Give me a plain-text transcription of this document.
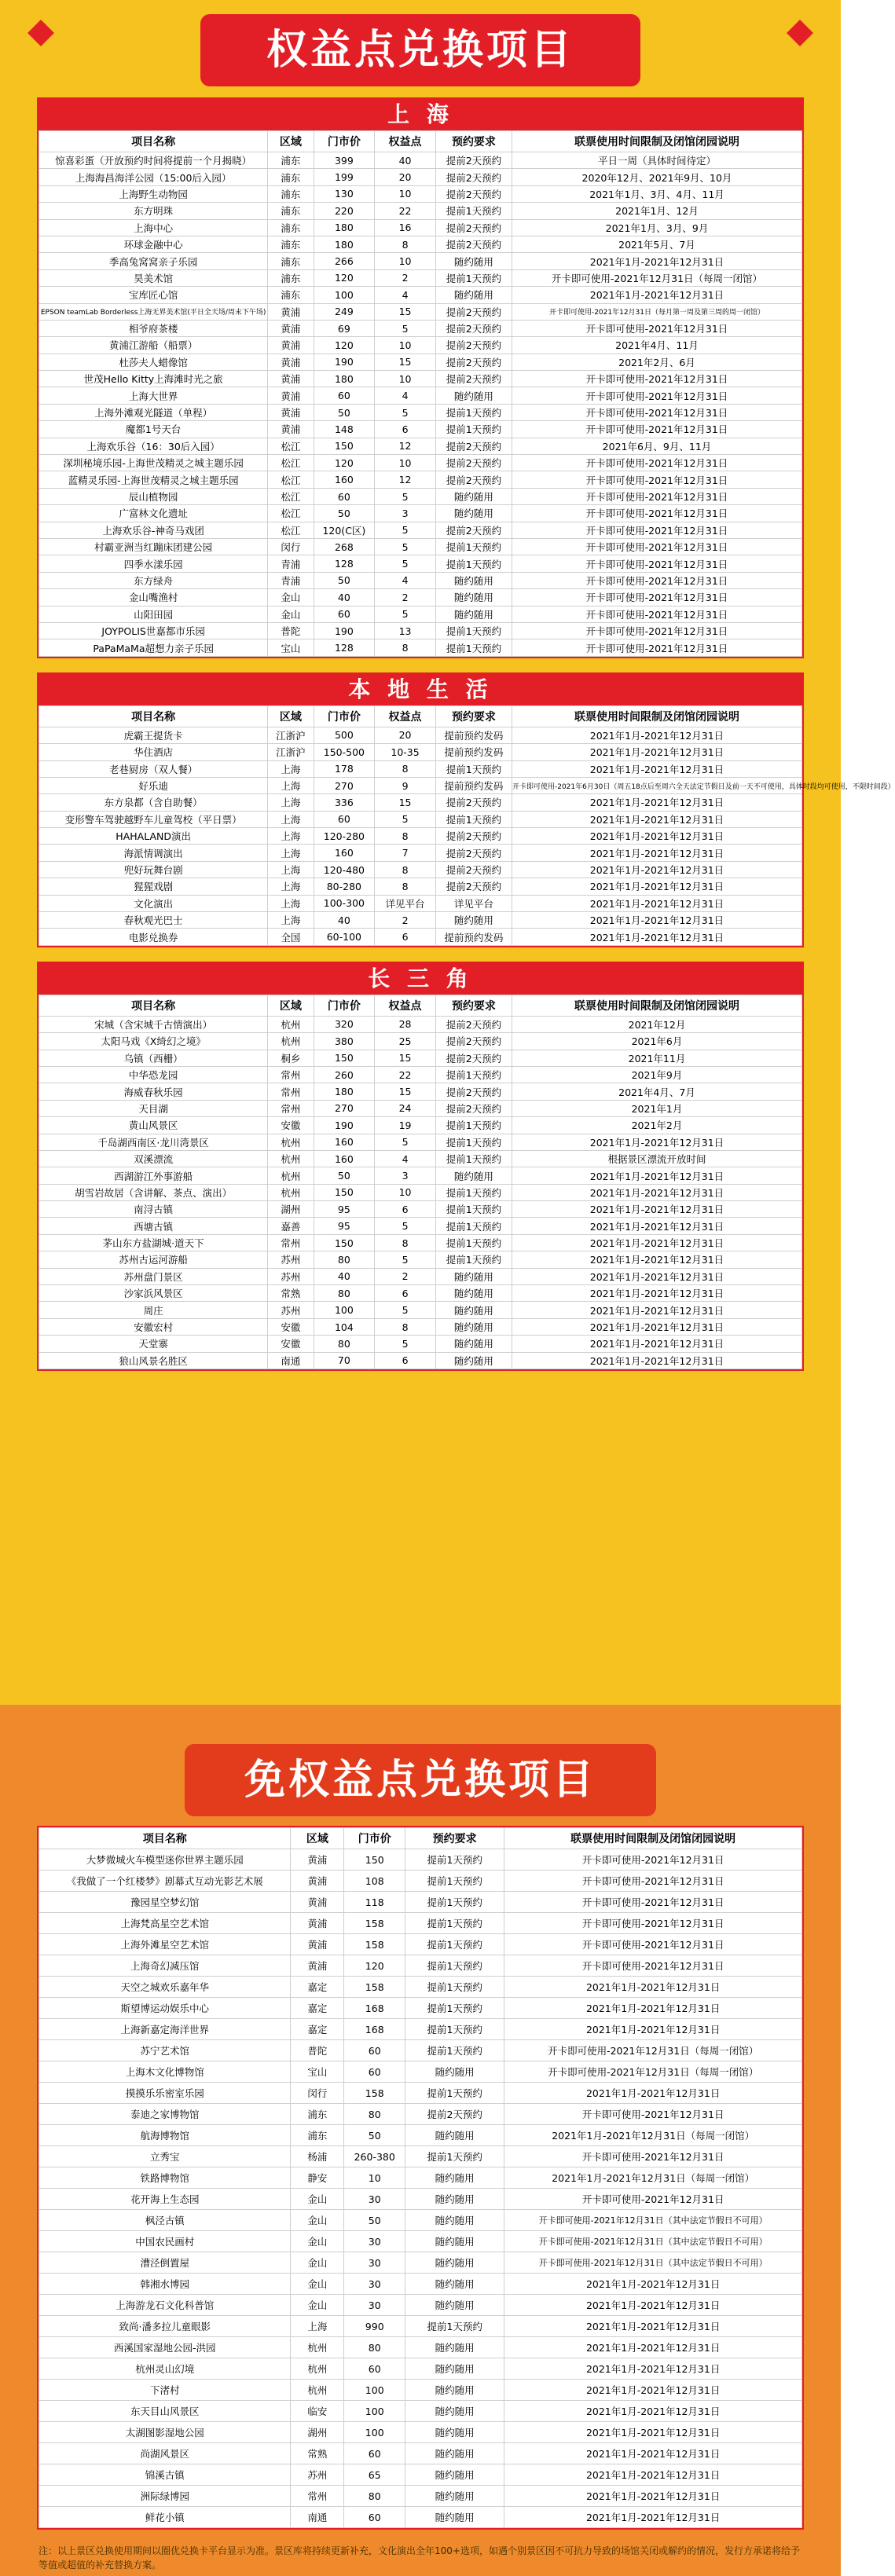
权益点兑换项目
上 海
项目名称	区域	门市价	权益点	预约要求	联票使用时间限制及闭馆闭园说明
惊喜彩蛋（开放预约时间将提前一个月揭晓）	浦东	399	40	提前2天预约	平日一周（具体时间待定）
上海海昌海洋公园（15:00后入园）	浦东	199	20	提前2天预约	2020年12月、2021年9月、10月
上海野生动物园	浦东	130	10	提前2天预约	2021年1月、3月、4月、11月
东方明珠	浦东	220	22	提前1天预约	2021年1月、12月
上海中心	浦东	180	16	提前2天预约	2021年1月、3月、9月
环球金融中心	浦东	180	8	提前2天预约	2021年5月、7月
季高兔窝窝亲子乐园	浦东	266	10	随约随用	2021年1月-2021年12月31日
昊美术馆	浦东	120	2	提前1天预约	开卡即可使用-2021年12月31日（每周一闭馆）
宝库匠心馆	浦东	100	4	随约随用	2021年1月-2021年12月31日
EPSON teamLab Borderless上海无界美术馆(平日全天场/周末下午场)	黄浦	249	15	提前2天预约	开卡即可使用-2021年12月31日（每月第一周及第三周的周一闭馆）
相爷府茶楼	黄浦	69	5	提前2天预约	开卡即可使用-2021年12月31日
黄浦江游船（船票）	黄浦	120	10	提前2天预约	2021年4月、11月
杜莎夫人蜡像馆	黄浦	190	15	提前2天预约	2021年2月、6月
世茂Hello Kitty上海滩时光之旅	黄浦	180	10	提前2天预约	开卡即可使用-2021年12月31日
上海大世界	黄浦	60	4	随约随用	开卡即可使用-2021年12月31日
上海外滩观光隧道（单程）	黄浦	50	5	提前1天预约	开卡即可使用-2021年12月31日
魔都1号天台	黄浦	148	6	提前1天预约	开卡即可使用-2021年12月31日
上海欢乐谷（16：30后入园）	松江	150	12	提前2天预约	2021年6月、9月、11月
深圳秘境乐园-上海世茂精灵之城主题乐园	松江	120	10	提前2天预约	开卡即可使用-2021年12月31日
蓝精灵乐园-上海世茂精灵之城主题乐园	松江	160	12	提前2天预约	开卡即可使用-2021年12月31日
辰山植物园	松江	60	5	随约随用	开卡即可使用-2021年12月31日
广富林文化遗址	松江	50	3	随约随用	开卡即可使用-2021年12月31日
上海欢乐谷-神奇马戏团	松江	120(C区)	5	提前2天预约	开卡即可使用-2021年12月31日
村霸亚洲当红蹦床团建公园	闵行	268	5	提前1天预约	开卡即可使用-2021年12月31日
四季水漾乐园	青浦	128	5	提前1天预约	开卡即可使用-2021年12月31日
东方绿舟	青浦	50	4	随约随用	开卡即可使用-2021年12月31日
金山嘴渔村	金山	40	2	随约随用	开卡即可使用-2021年12月31日
山阳田园	金山	60	5	随约随用	开卡即可使用-2021年12月31日
JOYPOLIS世嘉都市乐园	普陀	190	13	提前1天预约	开卡即可使用-2021年12月31日
PaPaMaMa超想力亲子乐园	宝山	128	8	提前1天预约	开卡即可使用-2021年12月31日
本 地 生 活
项目名称	区域	门市价	权益点	预约要求	联票使用时间限制及闭馆闭园说明
虎霸王提货卡	江浙沪	500	20	提前预约发码	2021年1月-2021年12月31日
华住酒店	江浙沪	150-500	10-35	提前预约发码	2021年1月-2021年12月31日
老巷厨房（双人餐）	上海	178	8	提前1天预约	2021年1月-2021年12月31日
好乐迪	上海	270	9	提前预约发码	开卡即可使用-2021年6月30日（周五18点后至周六全天法定节假日及前一天不可使用，具体时段均可使用，不限时间段）
东方泉都（含自助餐）	上海	336	15	提前2天预约	2021年1月-2021年12月31日
变形警车驾驶越野车儿童驾校（平日票）	上海	60	5	提前1天预约	2021年1月-2021年12月31日
HAHALAND演出	上海	120-280	8	提前2天预约	2021年1月-2021年12月31日
海派情调演出	上海	160	7	提前2天预约	2021年1月-2021年12月31日
兜好玩舞台剧	上海	120-480	8	提前2天预约	2021年1月-2021年12月31日
猩猩戏剧	上海	80-280	8	提前2天预约	2021年1月-2021年12月31日
文化演出	上海	100-300	详见平台	详见平台	2021年1月-2021年12月31日
春秋观光巴士	上海	40	2	随约随用	2021年1月-2021年12月31日
电影兑换券	全国	60-100	6	提前预约发码	2021年1月-2021年12月31日
长 三 角
项目名称	区域	门市价	权益点	预约要求	联票使用时间限制及闭馆闭园说明
宋城（含宋城千古情演出）	杭州	320	28	提前2天预约	2021年12月
太阳马戏《X绮幻之境》	杭州	380	25	提前2天预约	2021年6月
乌镇（西栅）	桐乡	150	15	提前2天预约	2021年11月
中华恐龙园	常州	260	22	提前1天预约	2021年9月
海威春秋乐园	常州	180	15	提前2天预约	2021年4月、7月
天目湖	常州	270	24	提前2天预约	2021年1月
黄山风景区	安徽	190	19	提前1天预约	2021年2月
千岛湖西南区·龙川湾景区	杭州	160	5	提前1天预约	2021年1月-2021年12月31日
双溪漂流	杭州	160	4	提前1天预约	根据景区漂流开放时间
西湖游江外事游船	杭州	50	3	随约随用	2021年1月-2021年12月31日
胡雪岩故居（含讲解、茶点、演出）	杭州	150	10	提前1天预约	2021年1月-2021年12月31日
南浔古镇	湖州	95	6	提前1天预约	2021年1月-2021年12月31日
西塘古镇	嘉善	95	5	提前1天预约	2021年1月-2021年12月31日
茅山东方盐湖城·道天下	常州	150	8	提前1天预约	2021年1月-2021年12月31日
苏州古运河游船	苏州	80	5	提前1天预约	2021年1月-2021年12月31日
苏州盘门景区	苏州	40	2	随约随用	2021年1月-2021年12月31日
沙家浜风景区	常熟	80	6	随约随用	2021年1月-2021年12月31日
周庄	苏州	100	5	随约随用	2021年1月-2021年12月31日
安徽宏村	安徽	104	8	随约随用	2021年1月-2021年12月31日
天堂寨	安徽	80	5	随约随用	2021年1月-2021年12月31日
狼山风景名胜区	南通	70	6	随约随用	2021年1月-2021年12月31日
免权益点兑换项目
项目名称	区域	门市价	预约要求	联票使用时间限制及闭馆闭园说明
大梦微城火车模型迷你世界主题乐园	黄浦	150	提前1天预约	开卡即可使用-2021年12月31日
《我做了一个红楼梦》剧幕式互动光影艺术展	黄浦	108	提前1天预约	开卡即可使用-2021年12月31日
豫园星空梦幻馆	黄浦	118	提前1天预约	开卡即可使用-2021年12月31日
上海梵高星空艺术馆	黄浦	158	提前1天预约	开卡即可使用-2021年12月31日
上海外滩星空艺术馆	黄浦	158	提前1天预约	开卡即可使用-2021年12月31日
上海奇幻减压馆	黄浦	120	提前1天预约	开卡即可使用-2021年12月31日
天空之城欢乐嘉年华	嘉定	158	提前1天预约	2021年1月-2021年12月31日
斯望博运动娱乐中心	嘉定	168	提前1天预约	2021年1月-2021年12月31日
上海新嘉定海洋世界	嘉定	168	提前1天预约	2021年1月-2021年12月31日
苏宁艺术馆	普陀	60	提前1天预约	开卡即可使用-2021年12月31日（每周一闭馆）
上海木文化博物馆	宝山	60	随约随用	开卡即可使用-2021年12月31日（每周一闭馆）
摸摸乐乐密室乐园	闵行	158	提前1天预约	2021年1月-2021年12月31日
泰迪之家博物馆	浦东	80	提前2天预约	开卡即可使用-2021年12月31日
航海博物馆	浦东	50	随约随用	2021年1月-2021年12月31日（每周一闭馆）
立秀宝	杨浦	260-380	提前1天预约	开卡即可使用-2021年12月31日
铁路博物馆	静安	10	随约随用	2021年1月-2021年12月31日（每周一闭馆）
花开海上生态园	金山	30	随约随用	开卡即可使用-2021年12月31日
枫泾古镇	金山	50	随约随用	开卡即可使用-2021年12月31日（其中法定节假日不可用）
中国农民画村	金山	30	随约随用	开卡即可使用-2021年12月31日（其中法定节假日不可用）
漕泾倒置屋	金山	30	随约随用	开卡即可使用-2021年12月31日（其中法定节假日不可用）
韩湘水博园	金山	30	随约随用	2021年1月-2021年12月31日
上海游龙石文化科普馆	金山	30	随约随用	2021年1月-2021年12月31日
致尚·潘多拉儿童眼影	上海	990	提前1天预约	2021年1月-2021年12月31日
西溪国家湿地公园-洪园	杭州	80	随约随用	2021年1月-2021年12月31日
杭州灵山幻境	杭州	60	随约随用	2021年1月-2021年12月31日
下渚村	杭州	100	随约随用	2021年1月-2021年12月31日
东天目山风景区	临安	100	随约随用	2021年1月-2021年12月31日
太湖图影湿地公园	湖州	100	随约随用	2021年1月-2021年12月31日
尚湖风景区	常熟	60	随约随用	2021年1月-2021年12月31日
锦溪古镇	苏州	65	随约随用	2021年1月-2021年12月31日
洲际绿博园	常州	80	随约随用	2021年1月-2021年12月31日
鲜花小镇	南通	60	随约随用	2021年1月-2021年12月31日
注：以上景区兑换使用期间以圈优兑换卡平台显示为准。景区库将持续更新补充，文化演出全年100+选项，如遇个别景区因不可抗力导致的场馆关闭或解约的情况，发行方承诺将给予等值或超值的补充替换方案。
